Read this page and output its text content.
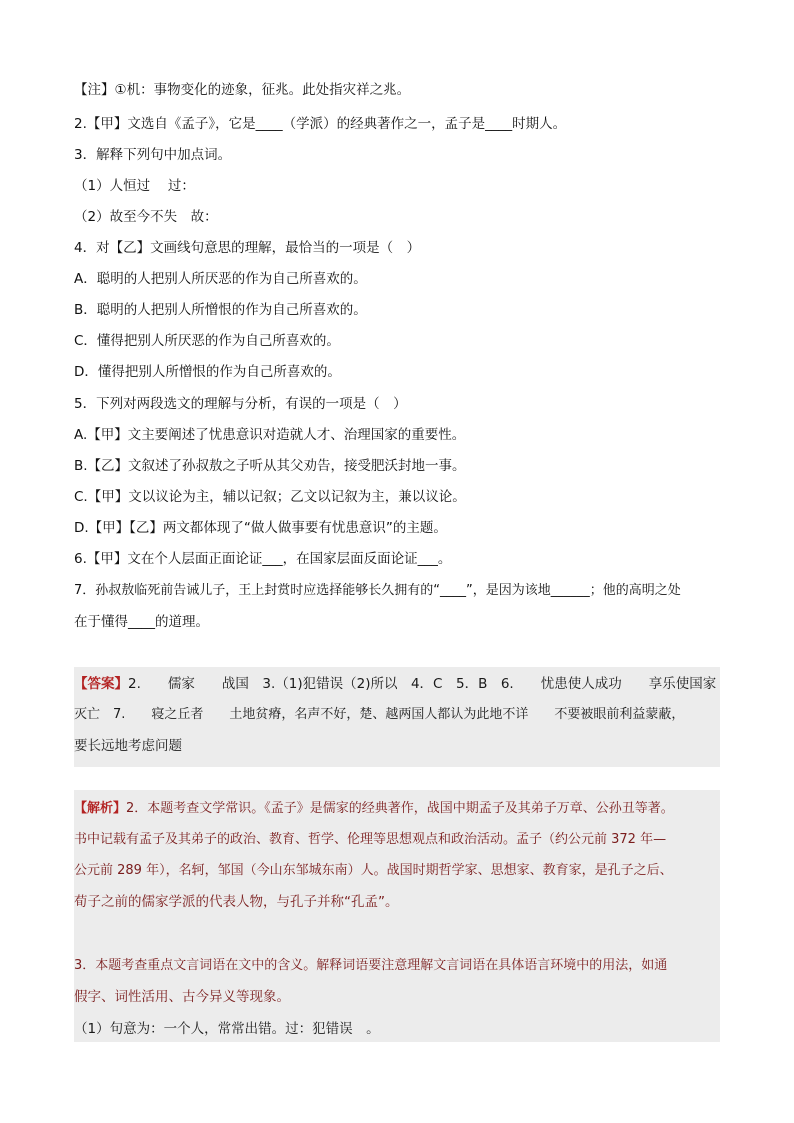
【注】①机：事物变化的迹象，征兆。此处指灾祥之兆。
2.【甲】文选自《孟子》，它是____（学派）的经典著作之一，孟子是____时期人。
3．解释下列句中加点词。
（1）人恒过　 过：
（2）故至今不失　故：
4．对【乙】文画线句意思的理解，最恰当的一项是（　）
A．聪明的人把别人所厌恶的作为自己所喜欢的。
B．聪明的人把别人所憎恨的作为自己所喜欢的。
C．懂得把别人所厌恶的作为自己所喜欢的。
D．懂得把别人所憎恨的作为自己所喜欢的。
5．下列对两段选文的理解与分析，有误的一项是（　）
A.【甲】文主要阐述了忧患意识对造就人才、治理国家的重要性。
B.【乙】文叙述了孙叔敖之子听从其父劝告，接受肥沃封地一事。
C.【甲】文以议论为主，辅以记叙；乙文以记叙为主，兼以议论。
D.【甲】【乙】两文都体现了“做人做事要有忧患意识”的主题。
6.【甲】文在个人层面正面论证___，在国家层面反面论证___。
7．孙叔敖临死前告诫儿子，王上封赏时应选择能够长久拥有的“____”，是因为该地______；他的高明之处
在于懂得____的道理。
【答案】2.　　儒家　　战国　3.（1)犯错误（2)所以　4．C　5．B　6.　　忧患使人成功　　享乐使国家
灭亡　7.　　寝之丘者　　土地贫瘠，名声不好，楚、越两国人都认为此地不详　　不要被眼前利益蒙蔽，
要长远地考虑问题
【解析】2．本题考查文学常识。《孟子》是儒家的经典著作，战国中期孟子及其弟子万章、公孙丑等著。
书中记载有孟子及其弟子的政治、教育、哲学、伦理等思想观点和政治活动。孟子（约公元前 372 年—
公元前 289 年），名轲，邹国（今山东邹城东南）人。战国时期哲学家、思想家、教育家，是孔子之后、
荀子之前的儒家学派的代表人物，与孔子并称“孔孟”。
3．本题考查重点文言词语在文中的含义。解释词语要注意理解文言词语在具体语言环境中的用法，如通
假字、词性活用、古今异义等现象。
（1）句意为：一个人，常常出错。过：犯错误　。
